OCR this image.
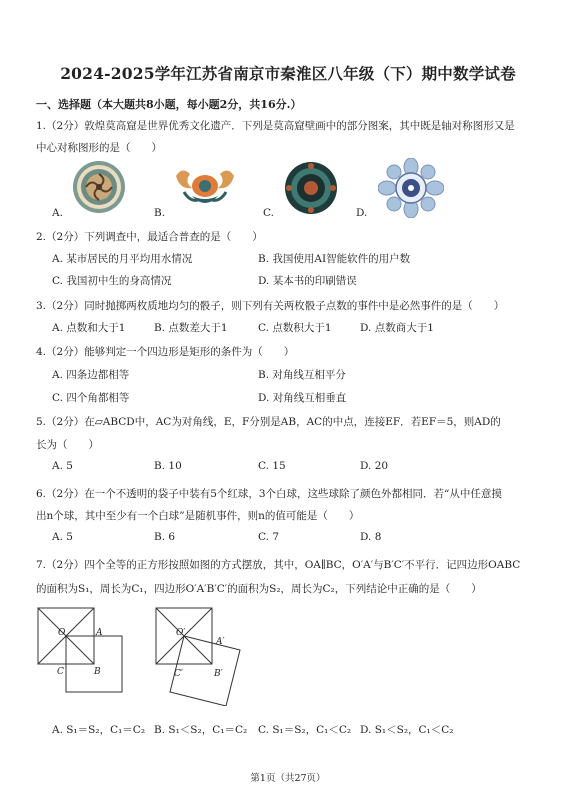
2024-2025学年江苏省南京市秦淮区八年级（下）期中数学试卷
一、选择题（本大题共8小题，每小题2分，共16分.）
1.（2分）敦煌莫高窟是世界优秀文化遗产．下列是莫高窟壁画中的部分图案，其中既是轴对称图形又是
中心对称图形的是（　　）
A.	B.	C.	D.
2.（2分）下列调查中，最适合普查的是（　　）
A. 某市居民的月平均用水情况	B. 我国使用AI智能软件的用户数
C. 我国初中生的身高情况	D. 某本书的印刷错误
3.（2分）同时抛掷两枚质地均匀的骰子，则下列有关两枚骰子点数的事件中是必然事件的是（　　）
A. 点数和大于1	B. 点数差大于1	C. 点数积大于1	D. 点数商大于1
4.（2分）能够判定一个四边形是矩形的条件为（　　）
A. 四条边都相等	B. 对角线互相平分
C. 四个角都相等	D. 对角线互相垂直
5.（2分）在▱ABCD中，AC为对角线，E，F分别是AB，AC的中点，连接EF．若EF＝5，则AD的
长为（　　）
A. 5	B. 10	C. 15	D. 20
6.（2分）在一个不透明的袋子中装有5个红球，3个白球，这些球除了颜色外都相同．若“从中任意摸
出n个球，其中至少有一个白球”是随机事件，则n的值可能是（　　）
A. 5	B. 6	C. 7	D. 8
7.（2分）四个全等的正方形按照如图的方式摆放，其中，OA∥BC，O′A′与B′C′不平行．记四边形OABC
的面积为S₁，周长为C₁，四边形O′A′B′C′的面积为S₂，周长为C₂，下列结论中正确的是（　　）
O	A
C	B
O′
A′
C′	B′
A. S₁＝S₂，C₁＝C₂ B. S₁＜S₂，C₁＝C₂ C. S₁＝S₂，C₁＜C₂ D. S₁＜S₂，C₁＜C₂
第1页（共27页）
